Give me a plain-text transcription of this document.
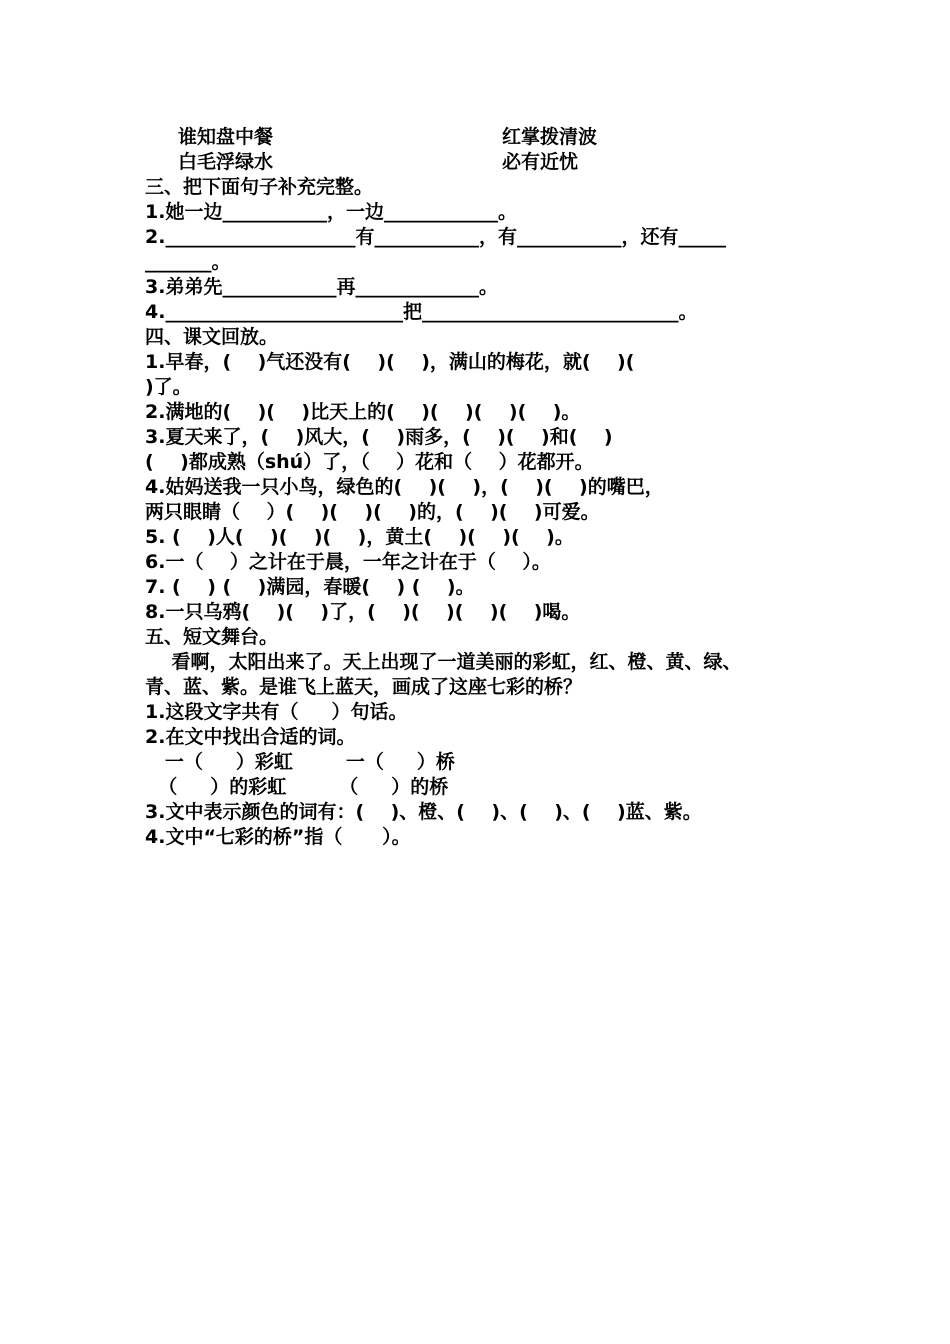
谁知盘中餐	红掌拨清波
白毛浮绿水	必有近忧
三、把下面句子补充完整。
1.她一边___________，一边____________。
2.____________________有___________，有___________，还有_____
_______。
3.弟弟先____________再_____________。
4._________________________把___________________________。
四、课文回放。
1.早春，(    )气还没有(    )(    )，满山的梅花，就(    )(
)了。
2.满地的(    )(    )比天上的(    )(    )(    )(    )。
3.夏天来了，(    )风大，(    )雨多，(    )(    )和(    )
(    )都成熟（shú）了，（    ）花和（    ）花都开。
4.姑妈送我一只小鸟，绿色的(    )(    )，(    )(    )的嘴巴，
两只眼睛（    ）(    )(    )(    )的，(    )(    )可爱。
5. (    )人(    )(    )(    )，黄土(    )(    )(    )。
6.一（    ）之计在于晨，一年之计在于（    ）。
7. (    ) (    )满园，春暖(    ) (    )。
8.一只乌鸦(    )(    )了，(    )(    )(    )(    )喝。
五、短文舞台。
看啊，太阳出来了。天上出现了一道美丽的彩虹，红、橙、黄、绿、
青、蓝、紫。是谁飞上蓝天，画成了这座七彩的桥？
1.这段文字共有（     ）句话。
2.在文中找出合适的词。
一（     ）彩虹        一（     ）桥
（     ）的彩虹        （     ）的桥
3.文中表示颜色的词有：(    )、橙、(    )、(    )、(    )蓝、紫。
4.文中“七彩的桥”指（      ）。
